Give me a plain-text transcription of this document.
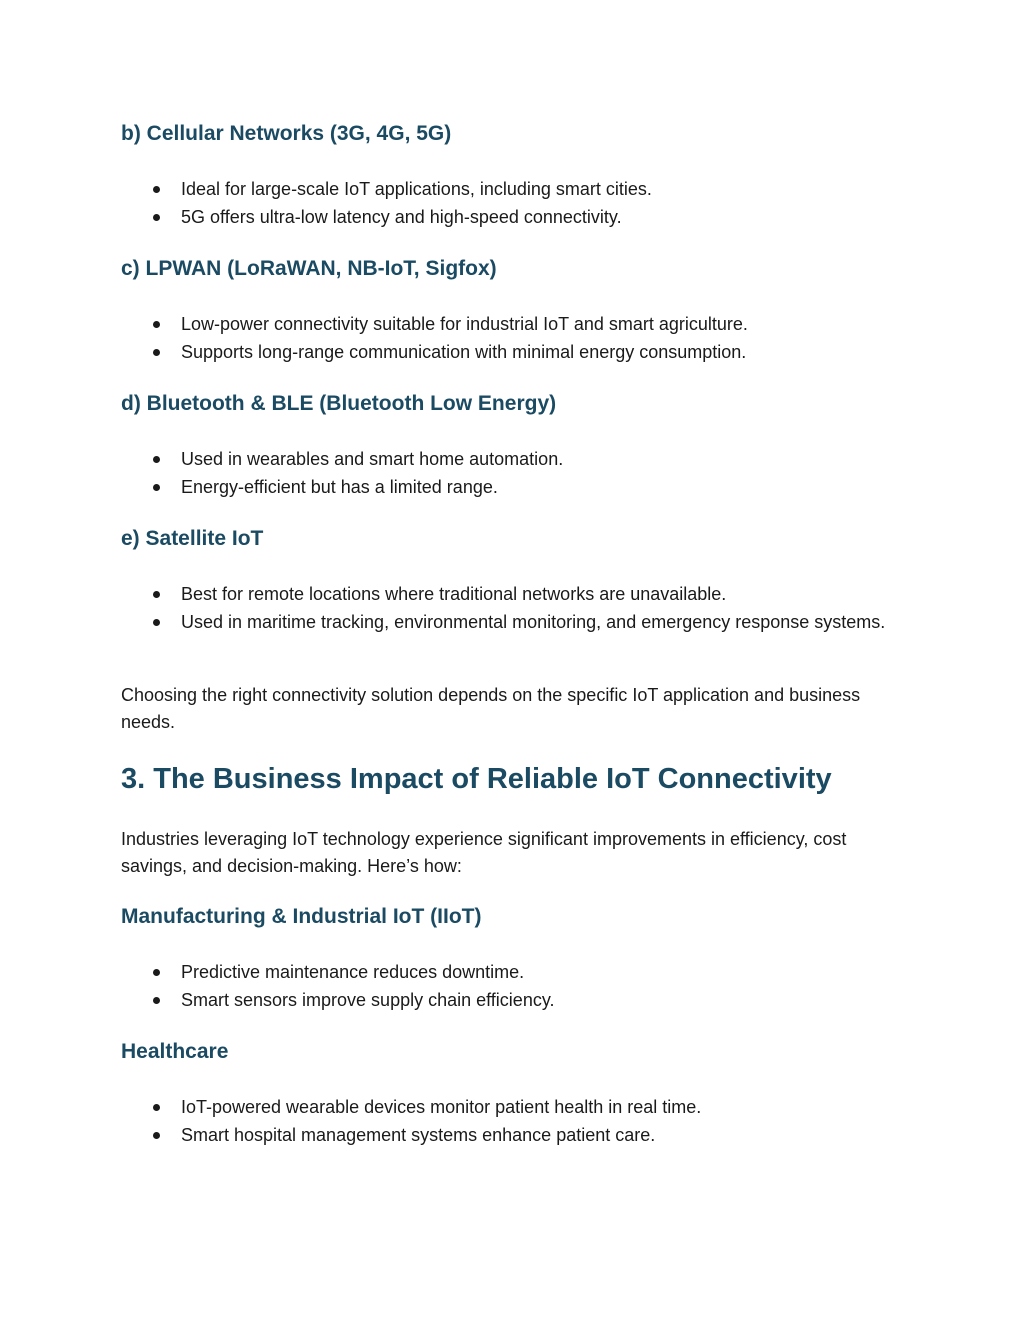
b) Cellular Networks (3G, 4G, 5G)
Ideal for large-scale IoT applications, including smart cities.
5G offers ultra-low latency and high-speed connectivity.
c) LPWAN (LoRaWAN, NB-IoT, Sigfox)
Low-power connectivity suitable for industrial IoT and smart agriculture.
Supports long-range communication with minimal energy consumption.
d) Bluetooth & BLE (Bluetooth Low Energy)
Used in wearables and smart home automation.
Energy-efficient but has a limited range.
e) Satellite IoT
Best for remote locations where traditional networks are unavailable.
Used in maritime tracking, environmental monitoring, and emergency response systems.

Choosing the right connectivity solution depends on the specific IoT application and business needs.

3. The Business Impact of Reliable IoT Connectivity

Industries leveraging IoT technology experience significant improvements in efficiency, cost savings, and decision-making. Here’s how:

Manufacturing & Industrial IoT (IIoT)
Predictive maintenance reduces downtime.
Smart sensors improve supply chain efficiency.
Healthcare
IoT-powered wearable devices monitor patient health in real time.
Smart hospital management systems enhance patient care.
